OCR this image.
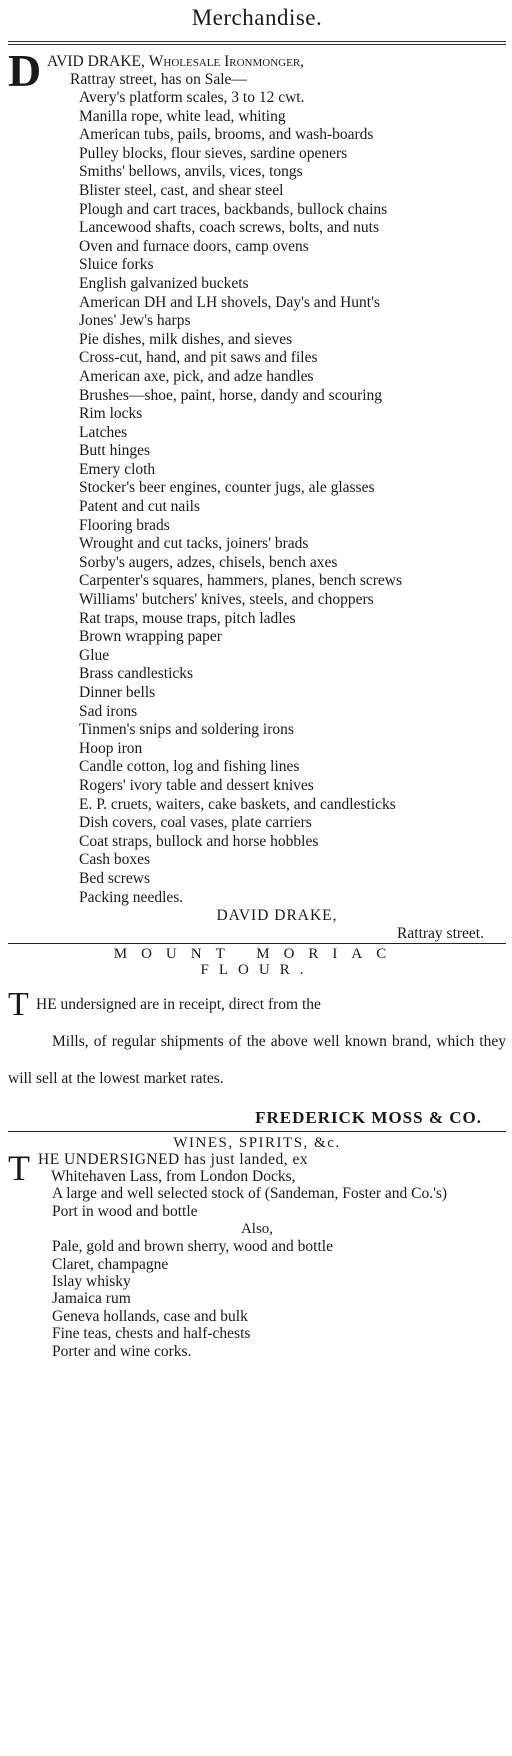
Merchandise.
D AVID DRAKE, Wholesale Ironmonger,
Rattray street, has on Sale—
Avery's platform scales, 3 to 12 cwt.
Manilla rope, white lead, whiting
American tubs, pails, brooms, and wash-boards
Pulley blocks, flour sieves, sardine openers
Smiths' bellows, anvils, vices, tongs
Blister steel, cast, and shear steel
Plough and cart traces, backbands, bullock chains
Lancewood shafts, coach screws, bolts, and nuts
Oven and furnace doors, camp ovens
Sluice forks
English galvanized buckets
American DH and LH shovels, Day's and Hunt's
Jones' Jew's harps
Pie dishes, milk dishes, and sieves
Cross-cut, hand, and pit saws and files
American axe, pick, and adze handles
Brushes—shoe, paint, horse, dandy and scouring
Rim locks
Latches
Butt hinges
Emery cloth
Stocker's beer engines, counter jugs, ale glasses
Patent and cut nails
Flooring brads
Wrought and cut tacks, joiners' brads
Sorby's augers, adzes, chisels, bench axes
Carpenter's squares, hammers, planes, bench screws
Williams' butchers' knives, steels, and choppers
Rat traps, mouse traps, pitch ladles
Brown wrapping paper
Glue
Brass candlesticks
Dinner bells
Sad irons
Tinmen's snips and soldering irons
Hoop iron
Candle cotton, log and fishing lines
Rogers' ivory table and dessert knives
E. P. cruets, waiters, cake baskets, and candlesticks
Dish covers, coal vases, plate carriers
Coat straps, bullock and horse hobbles
Cash boxes
Bed screws
Packing needles.
DAVID DRAKE,
Rattray street.
MOUNT MORIAC
FLOUR.
T HE undersigned are in receipt, direct from the
Mills, of regular shipments of the above well known brand, which they will sell at the lowest market rates.
FREDERICK MOSS & CO.
WINES, SPIRITS, &c.
T HE UNDERSIGNED has just landed, ex
Whitehaven Lass, from London Docks,
A large and well selected stock of (Sandeman, Foster and Co.'s)
Port in wood and bottle
Also,
Pale, gold and brown sherry, wood and bottle
Claret, champagne
Islay whisky
Jamaica rum
Geneva hollands, case and bulk
Fine teas, chests and half-chests
Porter and wine corks.
